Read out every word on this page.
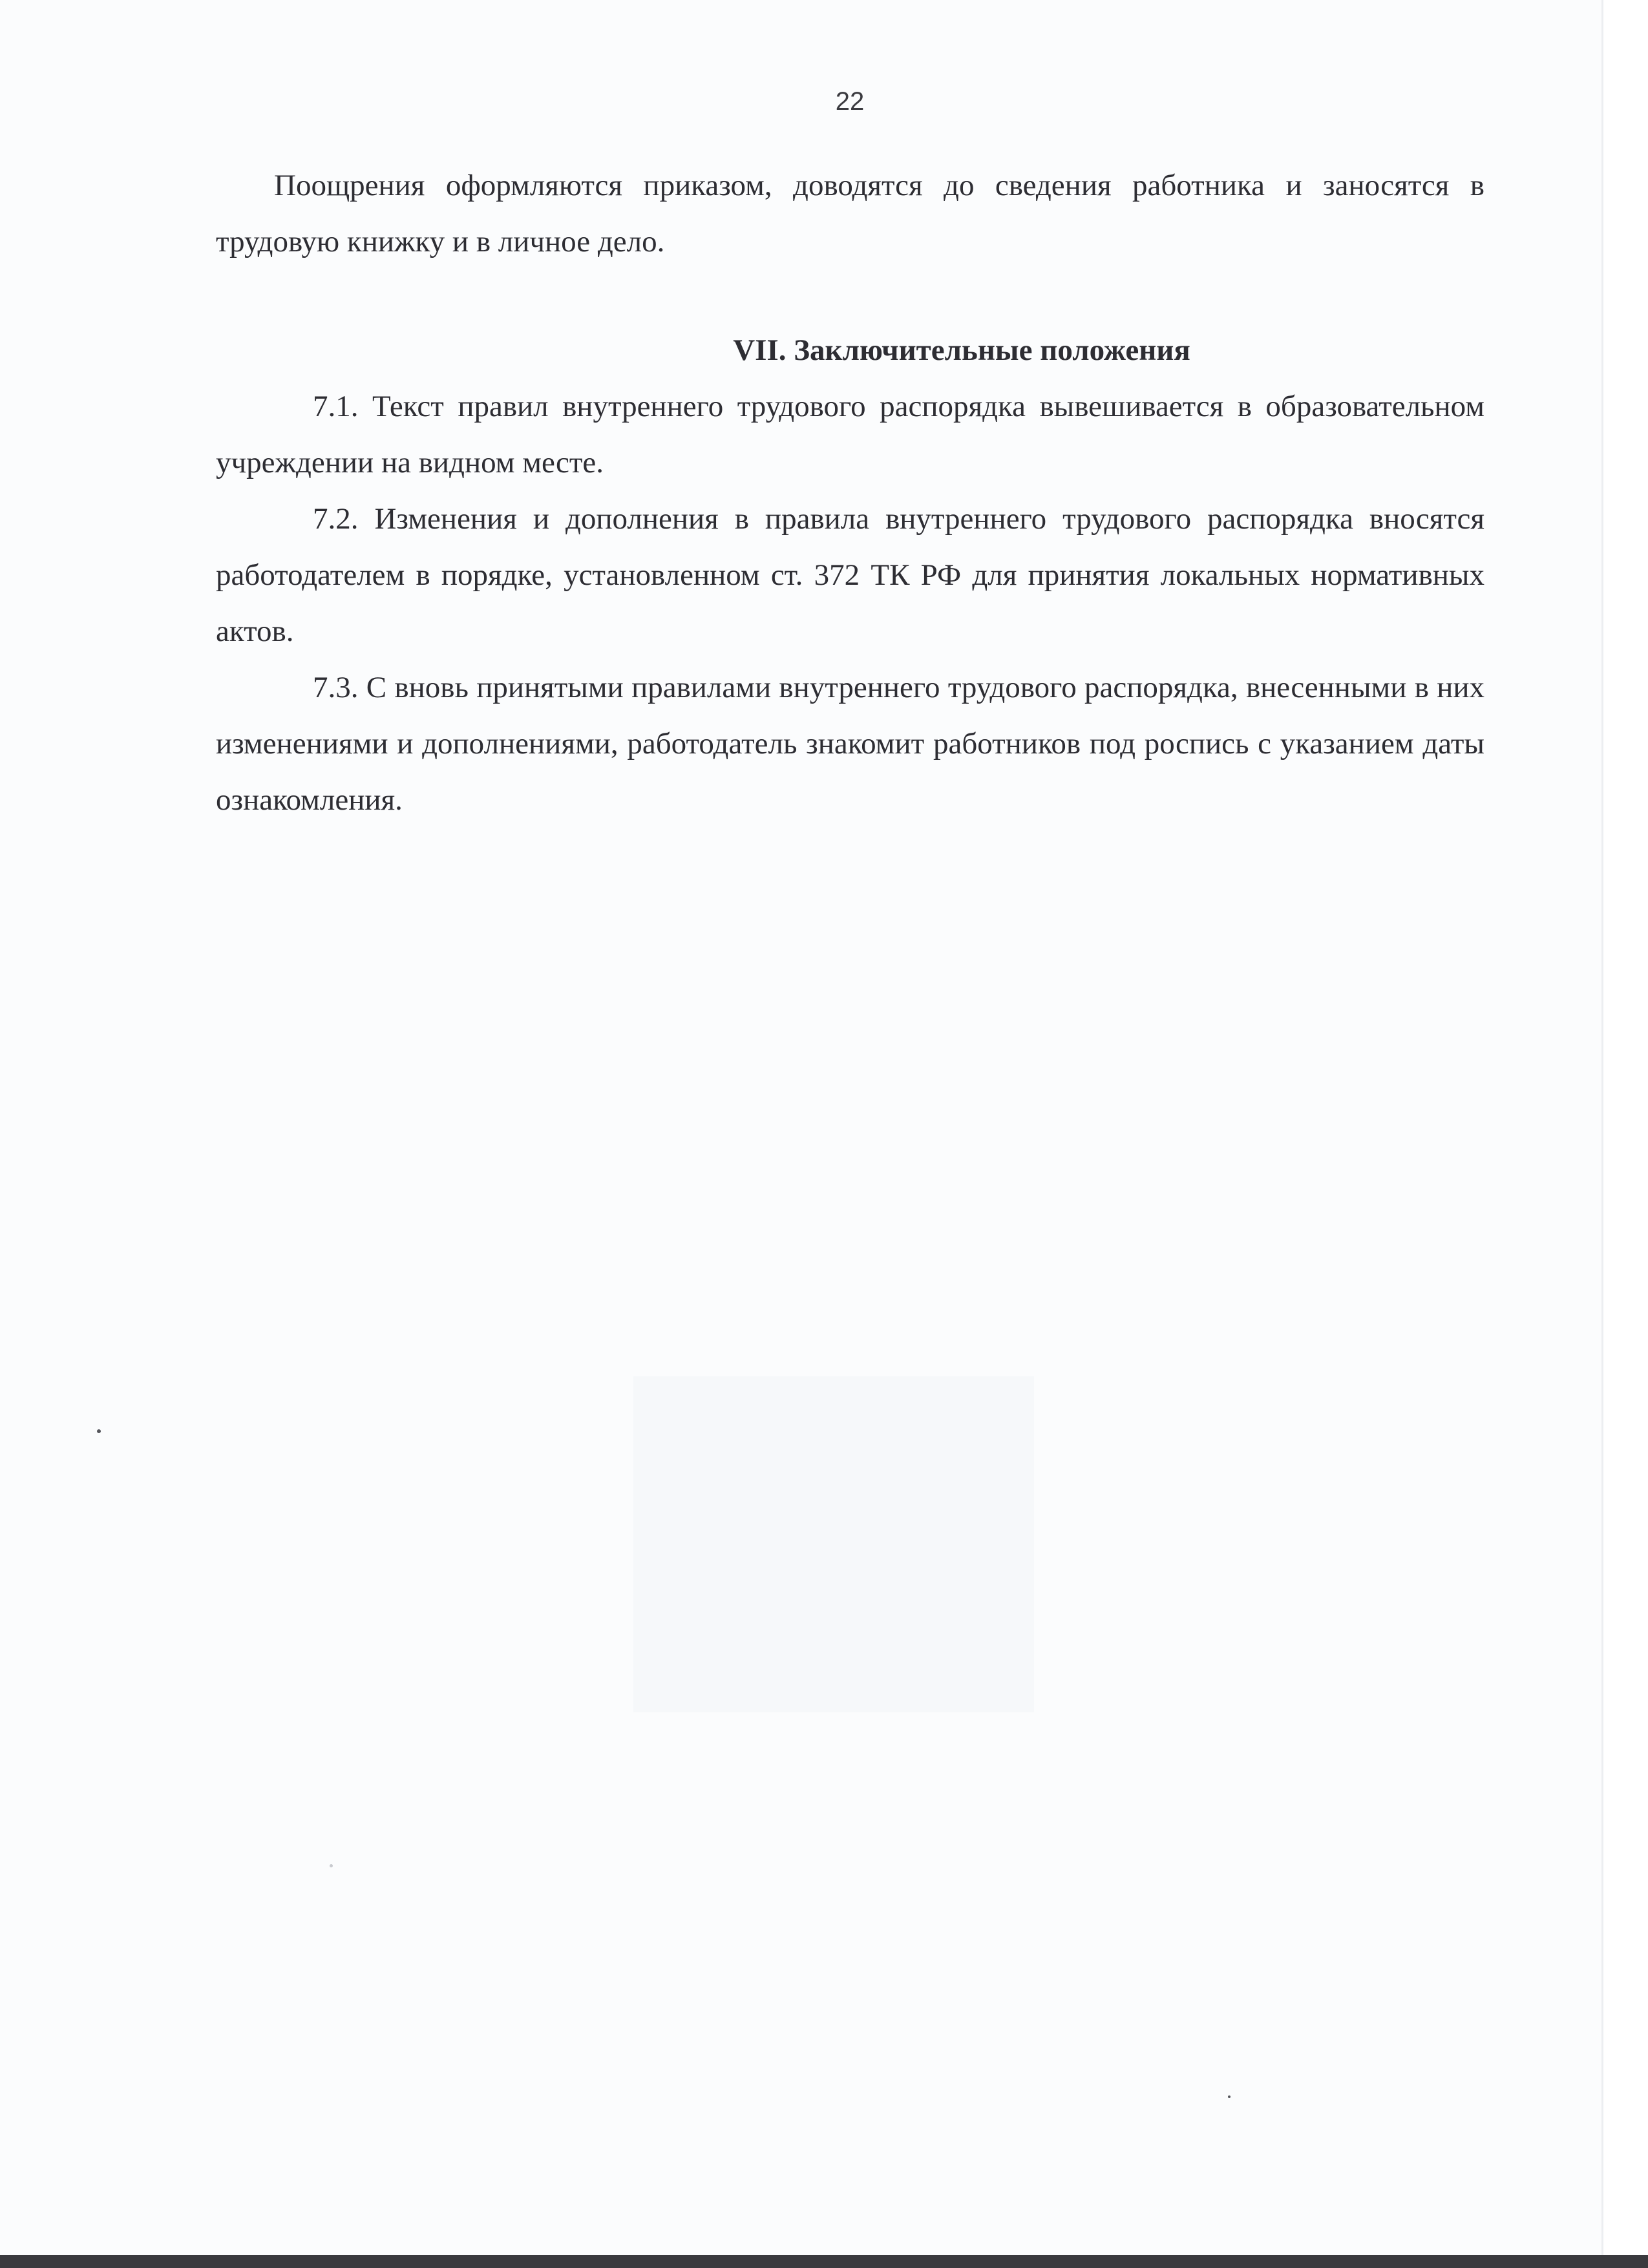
22

Поощрения оформляются приказом, доводятся до сведения работника и заносятся в трудовую книжку и в личное дело.

VII. Заключительные положения

7.1. Текст правил внутреннего трудового распорядка вывешивается в образовательном учреждении на видном месте.

7.2. Изменения и дополнения в правила внутреннего трудового распорядка вносятся работодателем в порядке, установленном ст. 372 ТК РФ для принятия локальных нормативных актов.

7.3. С вновь принятыми правилами внутреннего трудового распорядка, внесенными в них изменениями и дополнениями, работодатель знакомит работников под роспись с указанием даты ознакомления.
